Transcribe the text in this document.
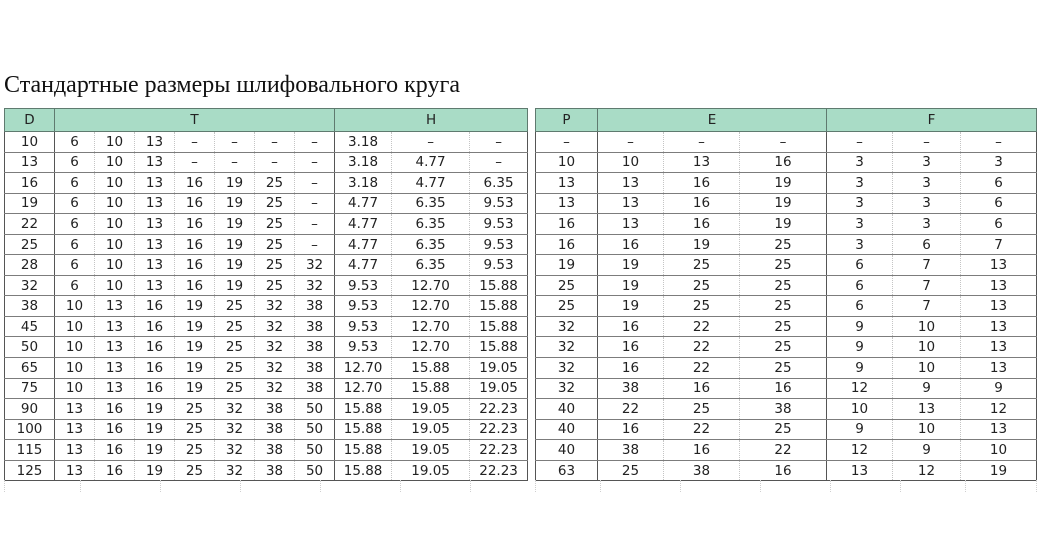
Стандартные размеры шлифовального круга
D	T							H		
10	6	10	13	–	–	–	–	3.18	–	–
13	6	10	13	–	–	–	–	3.18	4.77	–
16	6	10	13	16	19	25	–	3.18	4.77	6.35
19	6	10	13	16	19	25	–	4.77	6.35	9.53
22	6	10	13	16	19	25	–	4.77	6.35	9.53
25	6	10	13	16	19	25	–	4.77	6.35	9.53
28	6	10	13	16	19	25	32	4.77	6.35	9.53
32	6	10	13	16	19	25	32	9.53	12.70	15.88
38	10	13	16	19	25	32	38	9.53	12.70	15.88
45	10	13	16	19	25	32	38	9.53	12.70	15.88
50	10	13	16	19	25	32	38	9.53	12.70	15.88
65	10	13	16	19	25	32	38	12.70	15.88	19.05
75	10	13	16	19	25	32	38	12.70	15.88	19.05
90	13	16	19	25	32	38	50	15.88	19.05	22.23
100	13	16	19	25	32	38	50	15.88	19.05	22.23
115	13	16	19	25	32	38	50	15.88	19.05	22.23
125	13	16	19	25	32	38	50	15.88	19.05	22.23
P	E			F		
–	–	–	–	–	–	–
10	10	13	16	3	3	3
13	13	16	19	3	3	6
13	13	16	19	3	3	6
16	13	16	19	3	3	6
16	16	19	25	3	6	7
19	19	25	25	6	7	13
25	19	25	25	6	7	13
25	19	25	25	6	7	13
32	16	22	25	9	10	13
32	16	22	25	9	10	13
32	16	22	25	9	10	13
32	38	16	16	12	9	9
40	22	25	38	10	13	12
40	16	22	25	9	10	13
40	38	16	22	12	9	10
63	25	38	16	13	12	19
